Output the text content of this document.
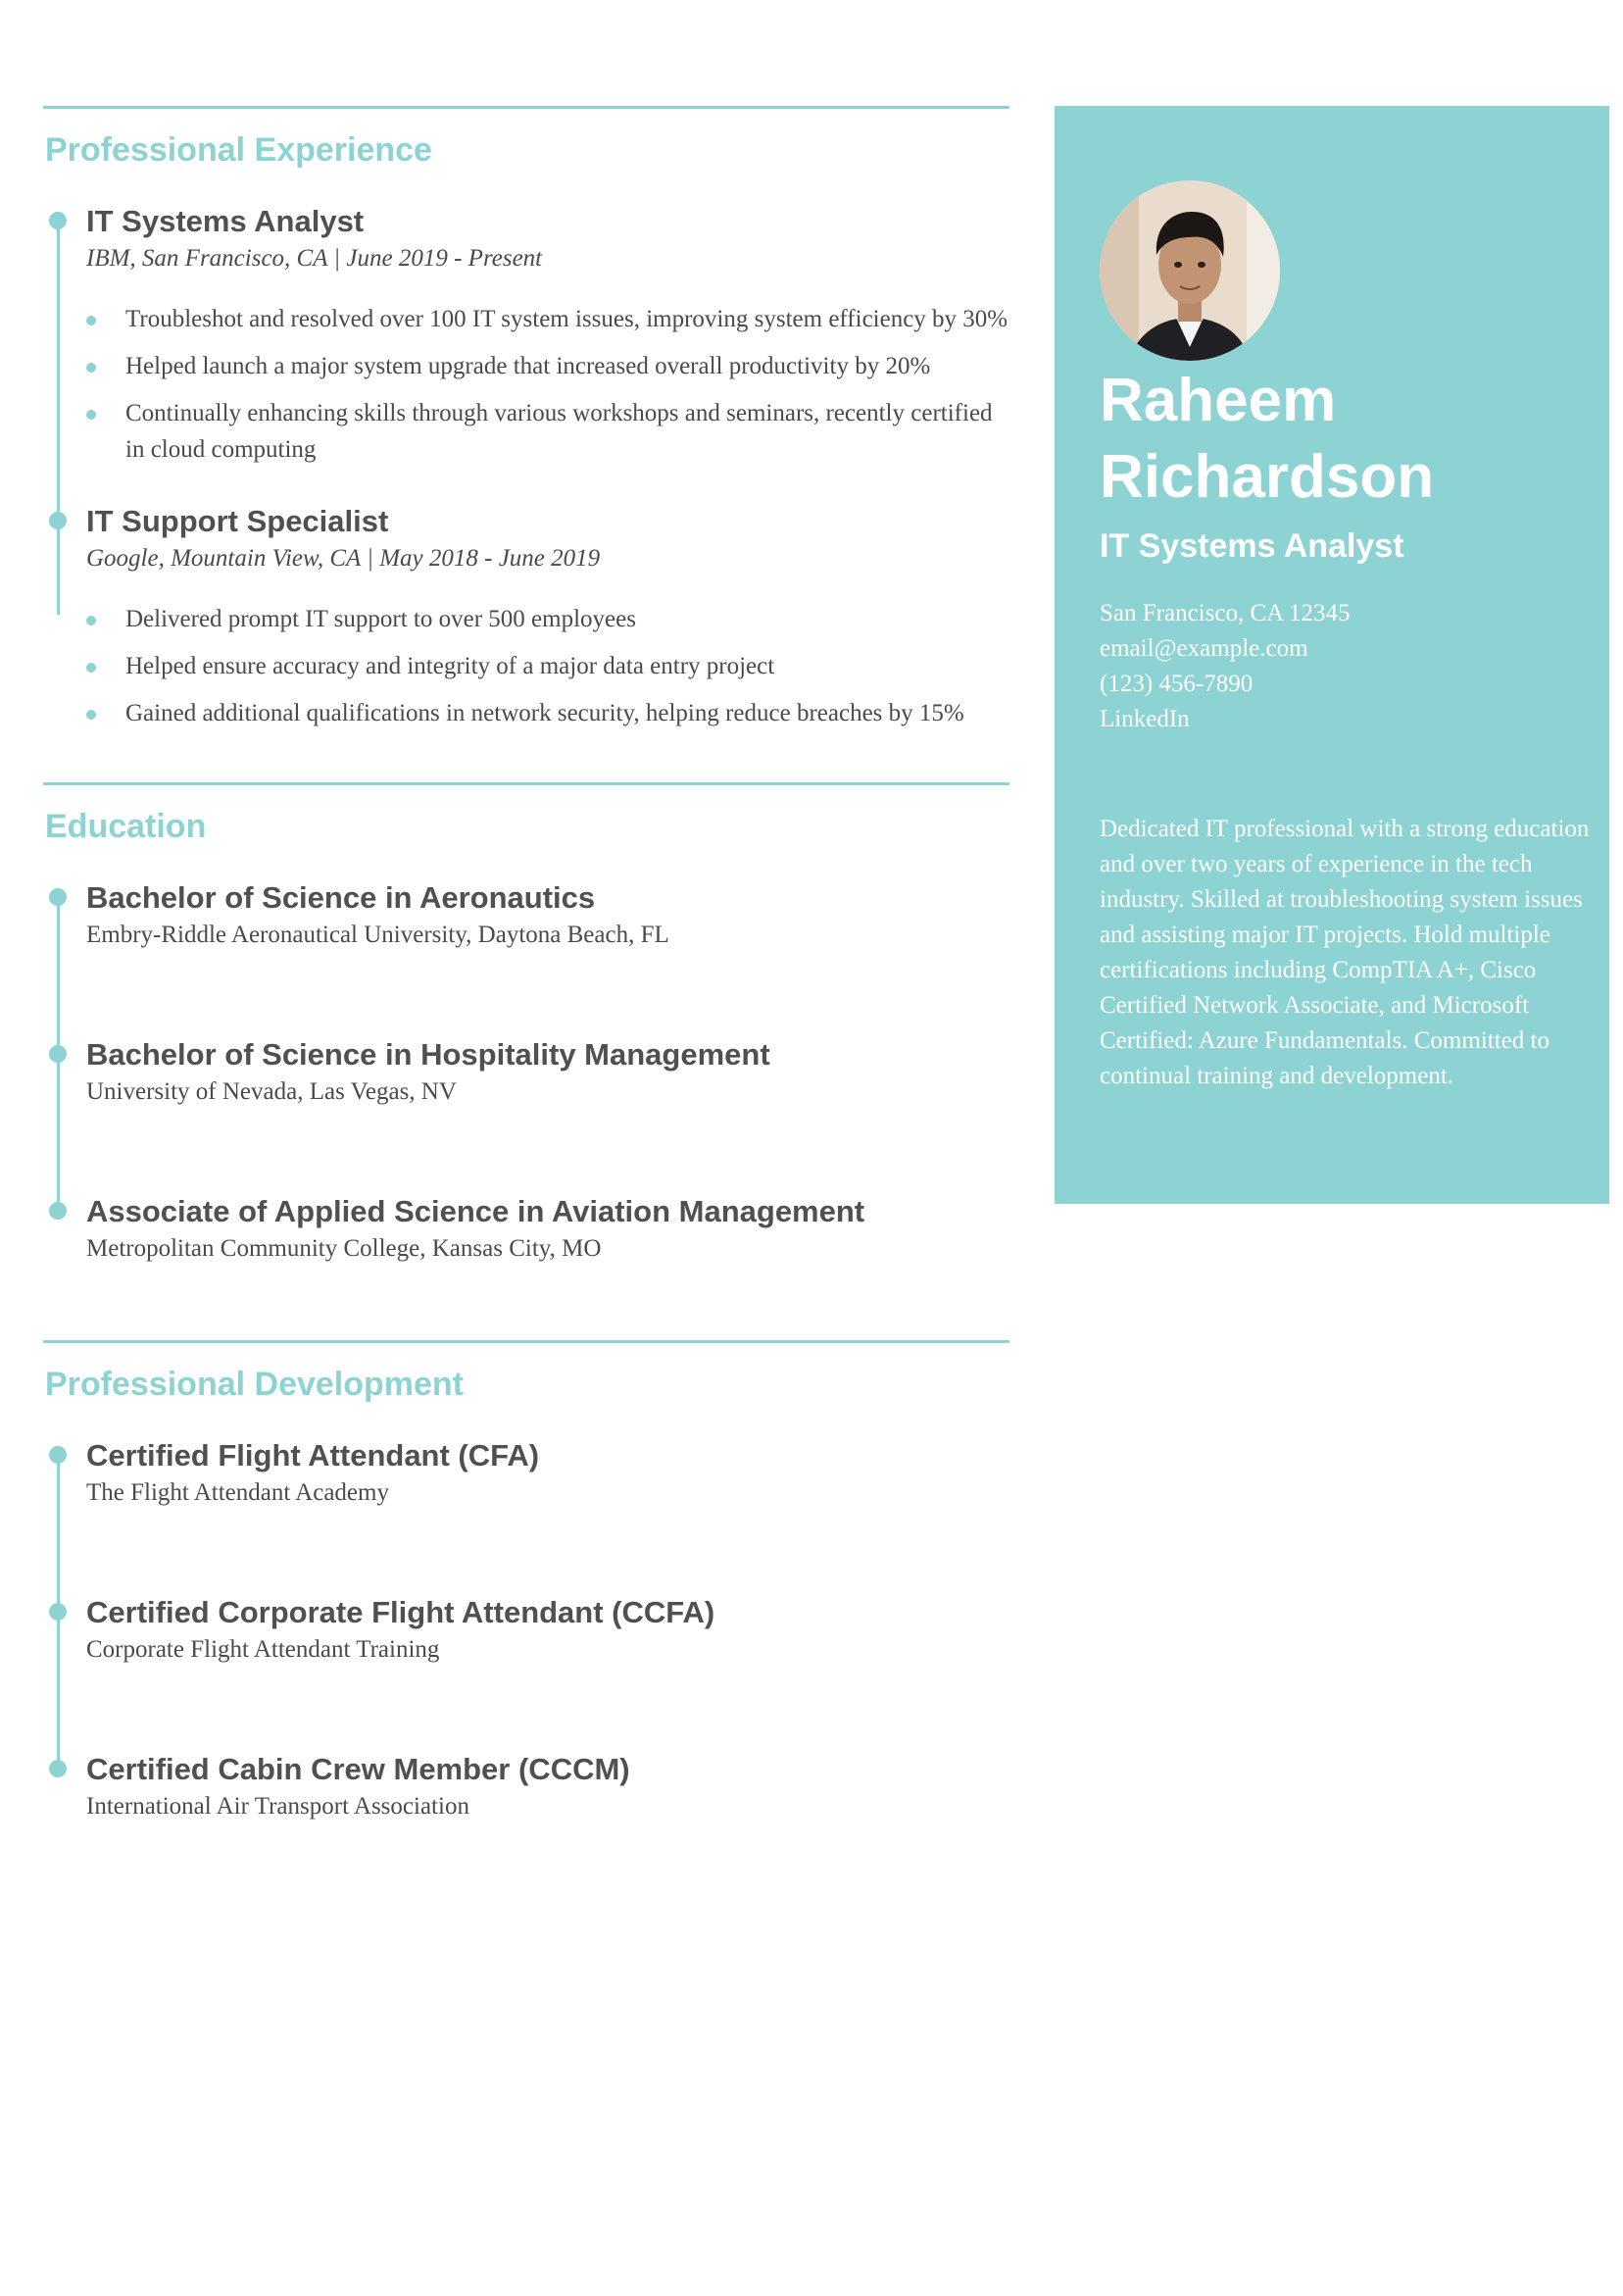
Professional Experience
IT Systems Analyst
IBM, San Francisco, CA | June 2019 - Present
Troubleshot and resolved over 100 IT system issues, improving system efficiency by 30%
Helped launch a major system upgrade that increased overall productivity by 20%
Continually enhancing skills through various workshops and seminars, recently certified in cloud computing
IT Support Specialist
Google, Mountain View, CA | May 2018 - June 2019
Delivered prompt IT support to over 500 employees
Helped ensure accuracy and integrity of a major data entry project
Gained additional qualifications in network security, helping reduce breaches by 15%
Education
Bachelor of Science in Aeronautics
Embry-Riddle Aeronautical University, Daytona Beach, FL
Bachelor of Science in Hospitality Management
University of Nevada, Las Vegas, NV
Associate of Applied Science in Aviation Management
Metropolitan Community College, Kansas City, MO
Professional Development
Certified Flight Attendant (CFA)
The Flight Attendant Academy
Certified Corporate Flight Attendant (CCFA)
Corporate Flight Attendant Training
Certified Cabin Crew Member (CCCM)
International Air Transport Association
Raheem
Richardson
IT Systems Analyst
San Francisco, CA 12345
email@example.com
(123) 456-7890
LinkedIn
Dedicated IT professional with a strong education and over two years of experience in the tech industry. Skilled at troubleshooting system issues and assisting major IT projects. Hold multiple certifications including CompTIA A+, Cisco Certified Network Associate, and Microsoft Certified: Azure Fundamentals. Committed to continual training and development.
